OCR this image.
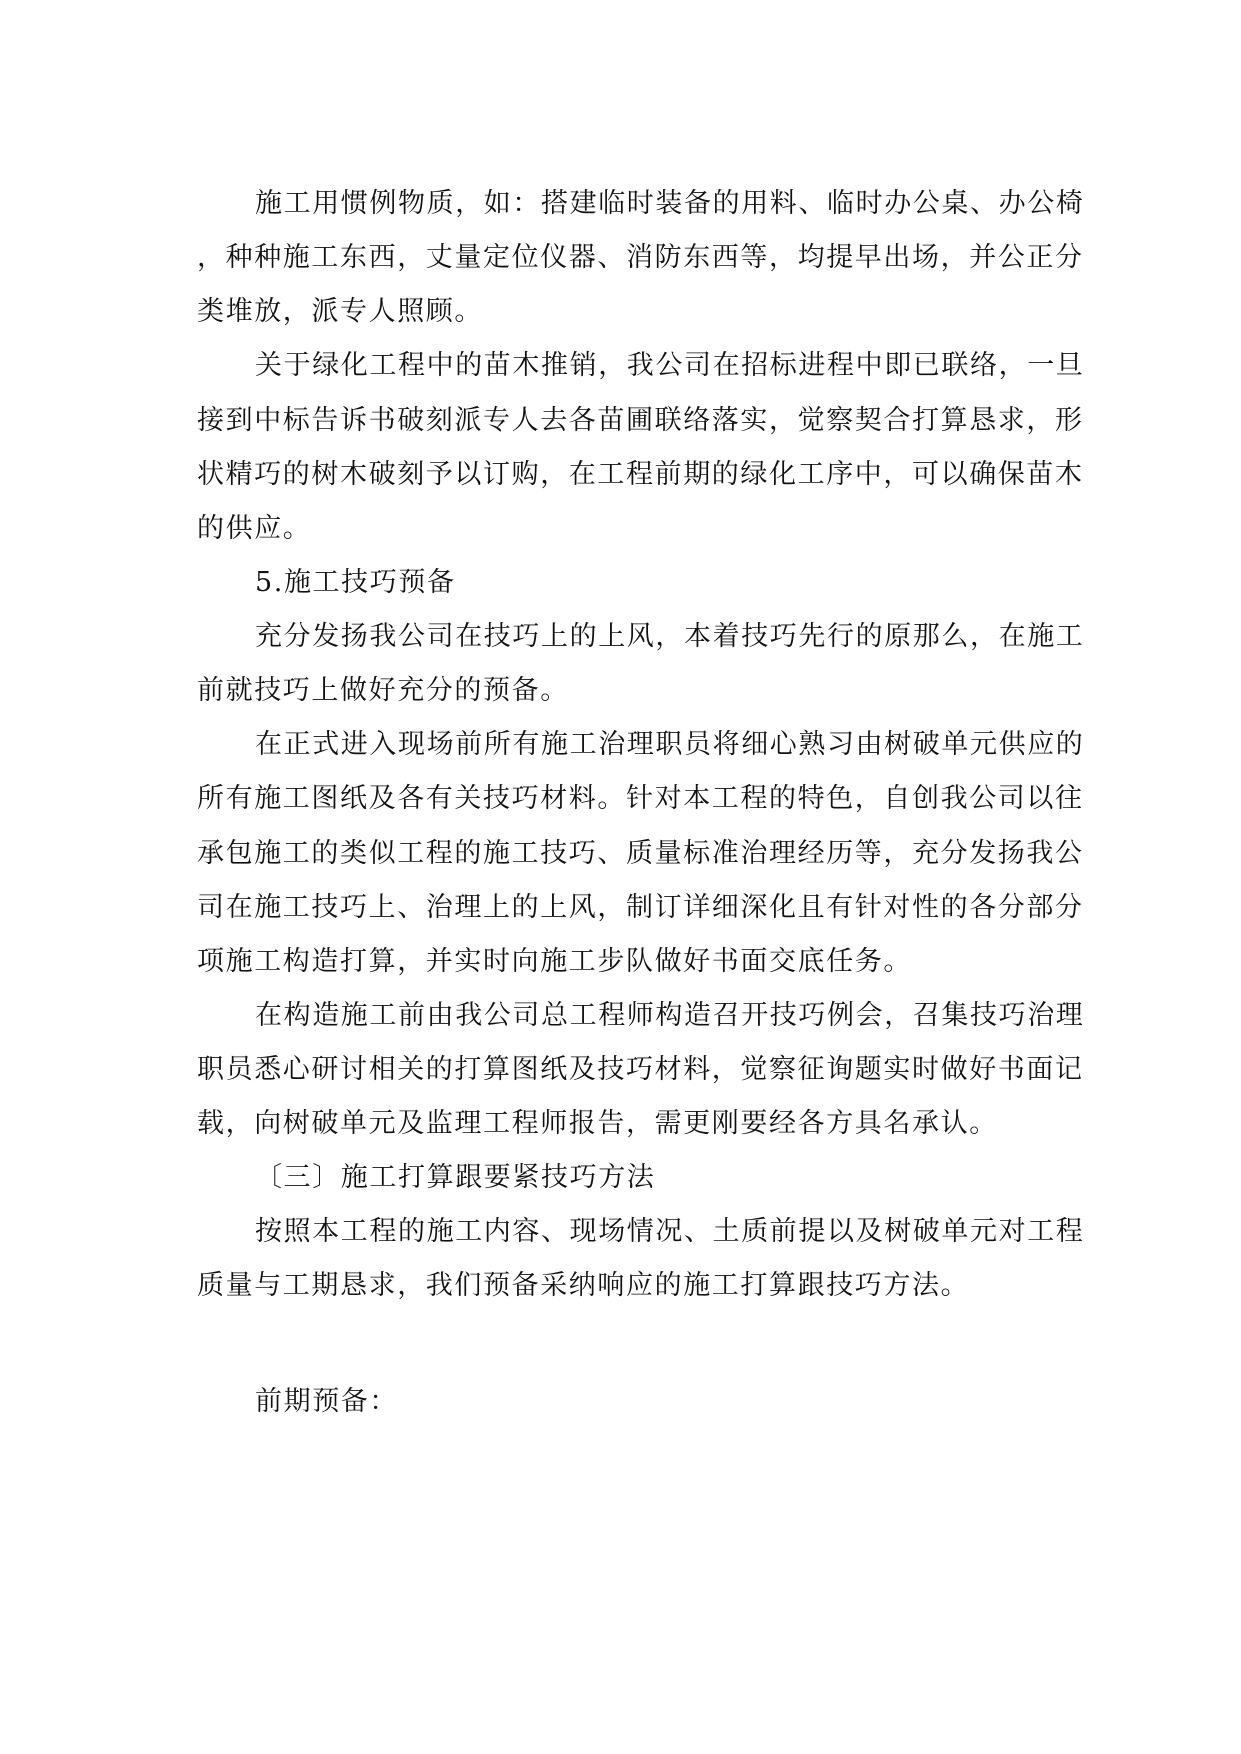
施工用惯例物质，如：搭建临时装备的用料、临时办公桌、办公椅
，种种施工东西，丈量定位仪器、消防东西等，均提早出场，并公正分
类堆放，派专人照顾。
关于绿化工程中的苗木推销，我公司在招标进程中即已联络，一旦
接到中标告诉书破刻派专人去各苗圃联络落实，觉察契合打算恳求，形
状精巧的树木破刻予以订购，在工程前期的绿化工序中，可以确保苗木
的供应。
5.施工技巧预备
充分发扬我公司在技巧上的上风，本着技巧先行的原那么，在施工
前就技巧上做好充分的预备。
在正式进入现场前所有施工治理职员将细心熟习由树破单元供应的
所有施工图纸及各有关技巧材料。针对本工程的特色，自创我公司以往
承包施工的类似工程的施工技巧、质量标准治理经历等，充分发扬我公
司在施工技巧上、治理上的上风，制订详细深化且有针对性的各分部分
项施工构造打算，并实时向施工步队做好书面交底任务。
在构造施工前由我公司总工程师构造召开技巧例会，召集技巧治理
职员悉心研讨相关的打算图纸及技巧材料，觉察征询题实时做好书面记
载，向树破单元及监理工程师报告，需更刚要经各方具名承认。
〔三〕施工打算跟要紧技巧方法
按照本工程的施工内容、现场情况、土质前提以及树破单元对工程
质量与工期恳求，我们预备采纳响应的施工打算跟技巧方法。
前期预备：
